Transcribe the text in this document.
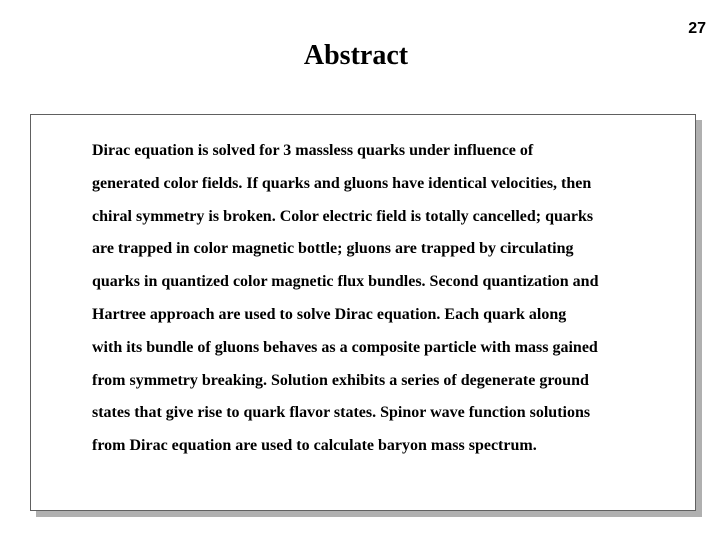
27
Abstract
Dirac equation is solved for 3 massless quarks under influence of
generated color fields. If quarks and gluons have identical velocities, then
chiral symmetry is broken. Color electric field is totally cancelled; quarks
are trapped in color magnetic bottle; gluons are trapped by circulating
quarks in quantized color magnetic flux bundles. Second quantization and
Hartree approach are used to solve Dirac equation. Each quark along
with its bundle of gluons behaves as a composite particle with mass gained
from symmetry breaking. Solution exhibits a series of degenerate ground
states that give rise to quark flavor states. Spinor wave function solutions
from Dirac equation are used to calculate baryon mass spectrum.
